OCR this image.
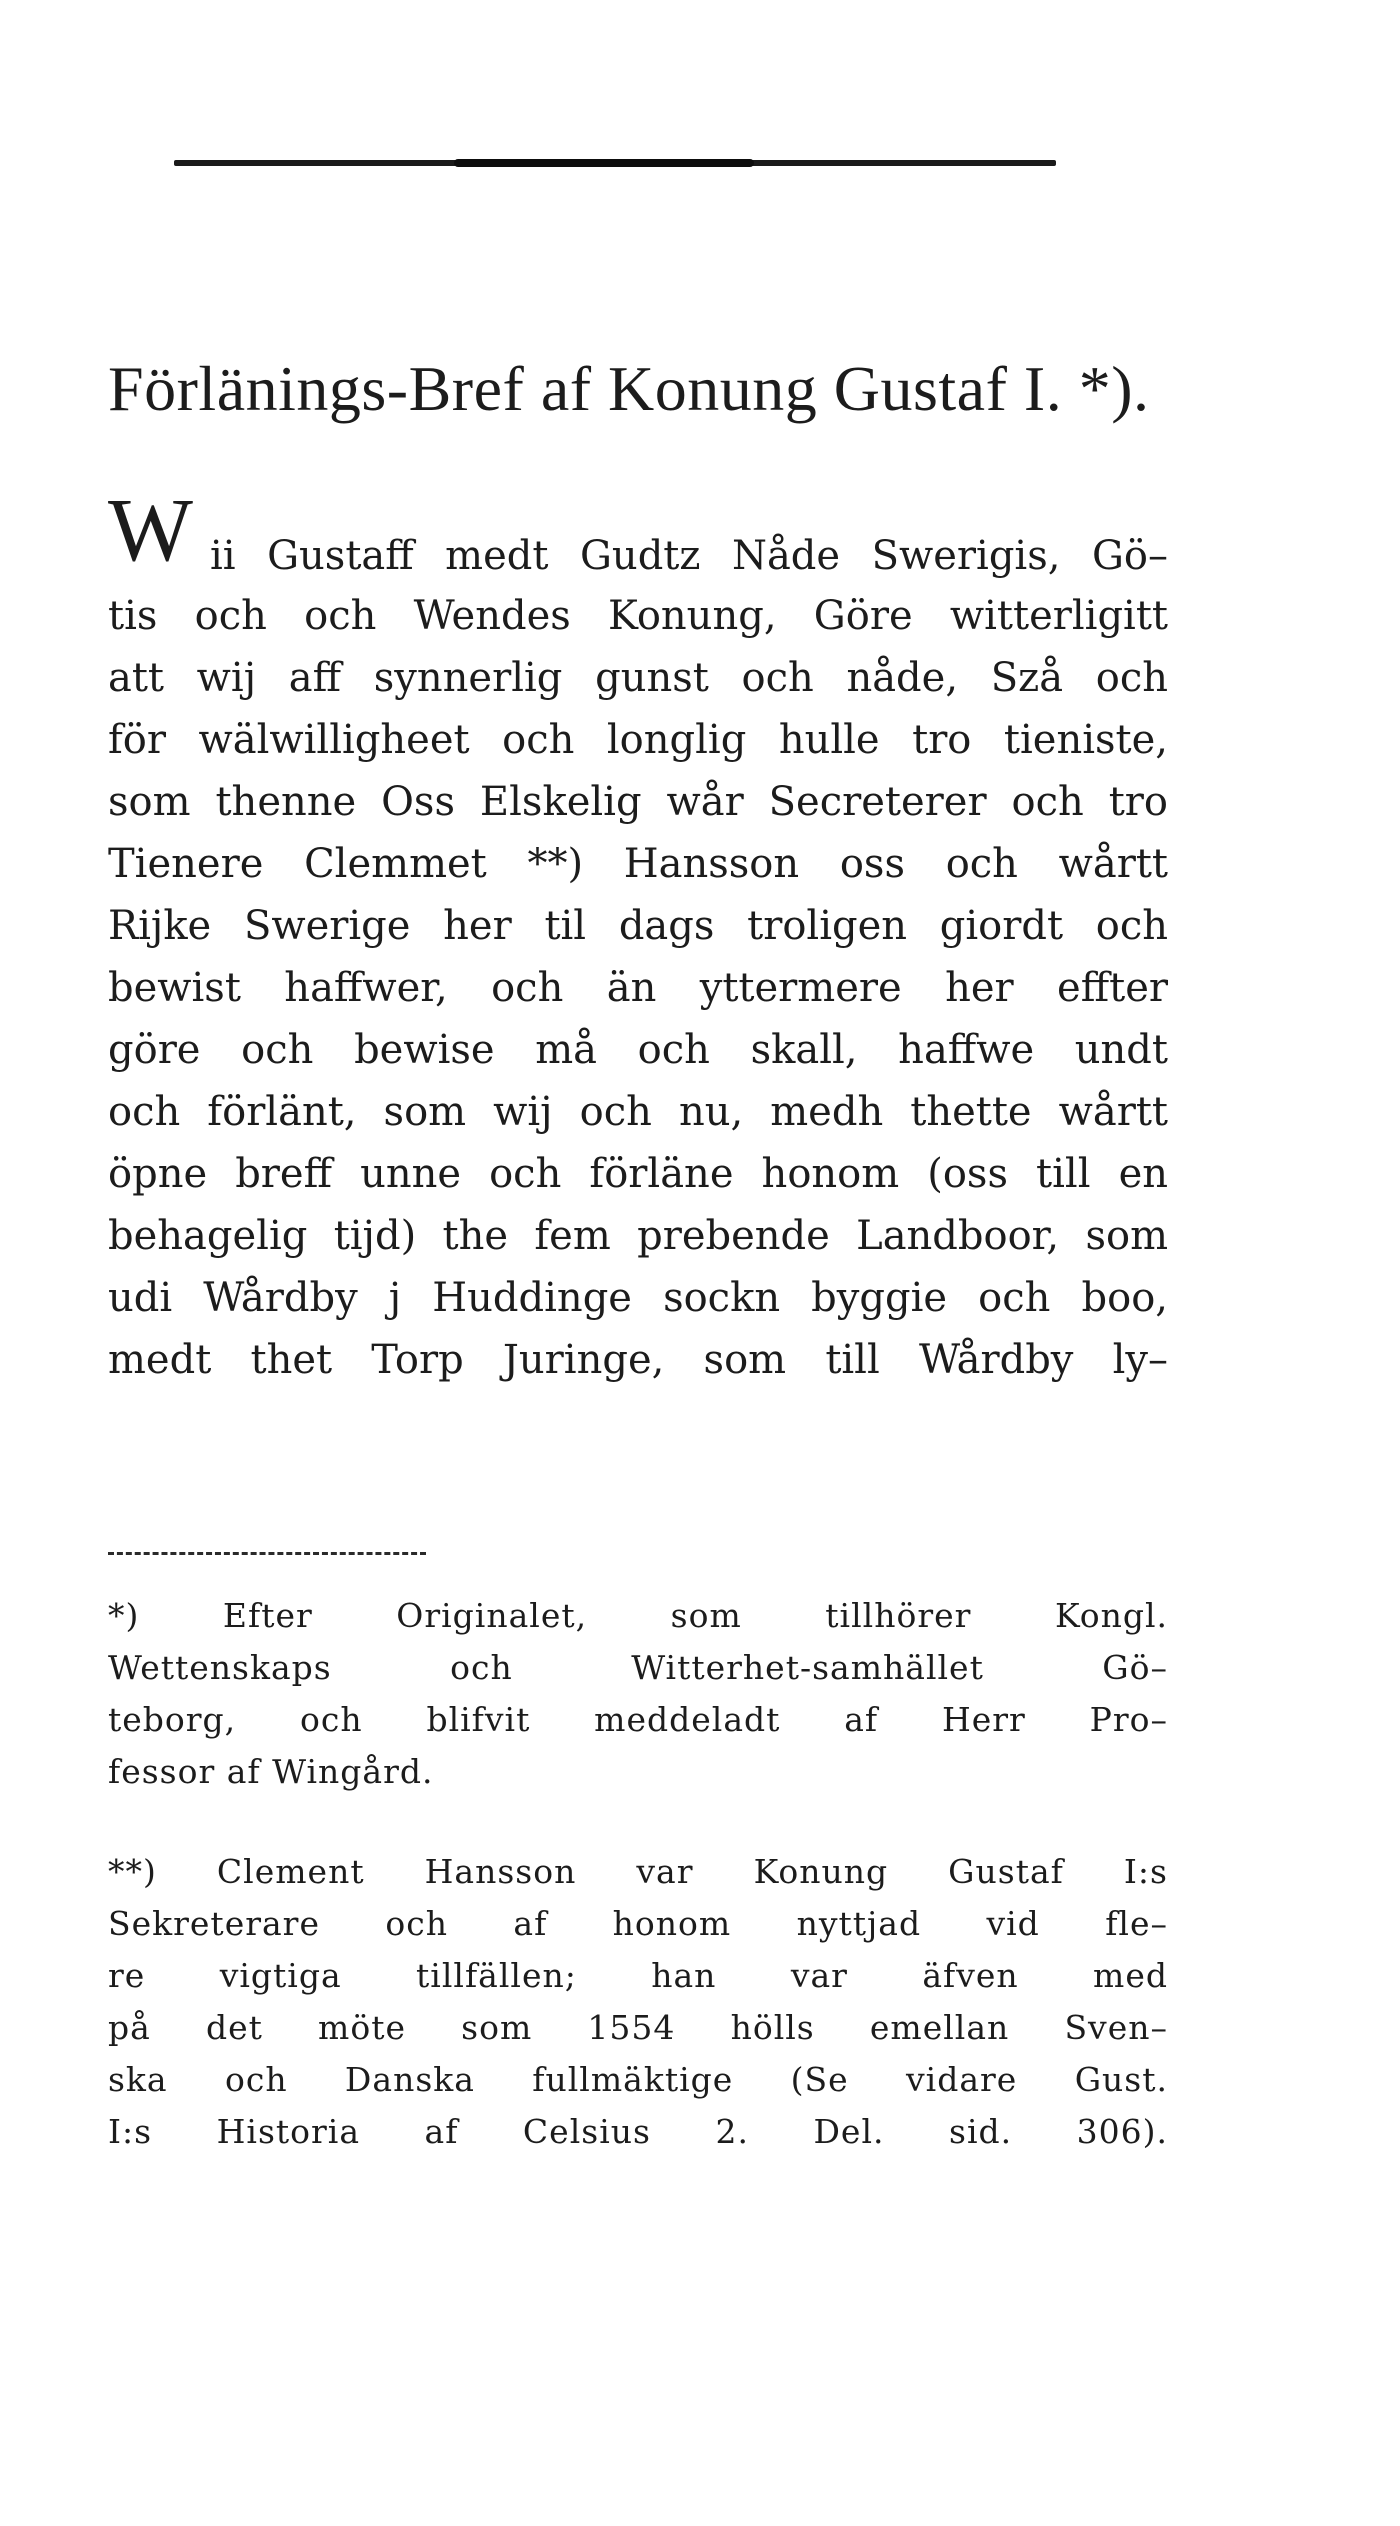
Förlänings-Bref af Konung Gustaf I. *).
W ii Gustaff medt Gudtz Nåde Swerigis, Gö–
tis och och Wendes Konung, Göre witterligitt
att wij aff synnerlig gunst och nåde, Szå och
för wälwilligheet och longlig hulle tro tieniste,
som thenne Oss Elskelig wår Secreterer och tro
Tienere Clemmet **) Hansson oss och wårtt
Rijke Swerige her til dags troligen giordt och
bewist haffwer, och än yttermere her effter
göre och bewise må och skall, haffwe undt
och förlänt, som wij och nu, medh thette wårtt
öpne breff unne och förläne honom (oss till en
behagelig tijd) the fem prebende Landboor, som
udi Wårdby j Huddinge sockn byggie och boo,
medt thet Torp Juringe, som till Wårdby ly–
*) Efter Originalet, som tillhörer Kongl.
Wettenskaps och Witterhet-samhället Gö–
teborg, och blifvit meddeladt af Herr Pro–
fessor af Wingård.
**) Clement Hansson var Konung Gustaf I:s
Sekreterare och af honom nyttjad vid fle–
re vigtiga tillfällen; han var äfven med
på det möte som 1554 hölls emellan Sven–
ska och Danska fullmäktige (Se vidare Gust.
I:s Historia af Celsius 2. Del. sid. 306).
